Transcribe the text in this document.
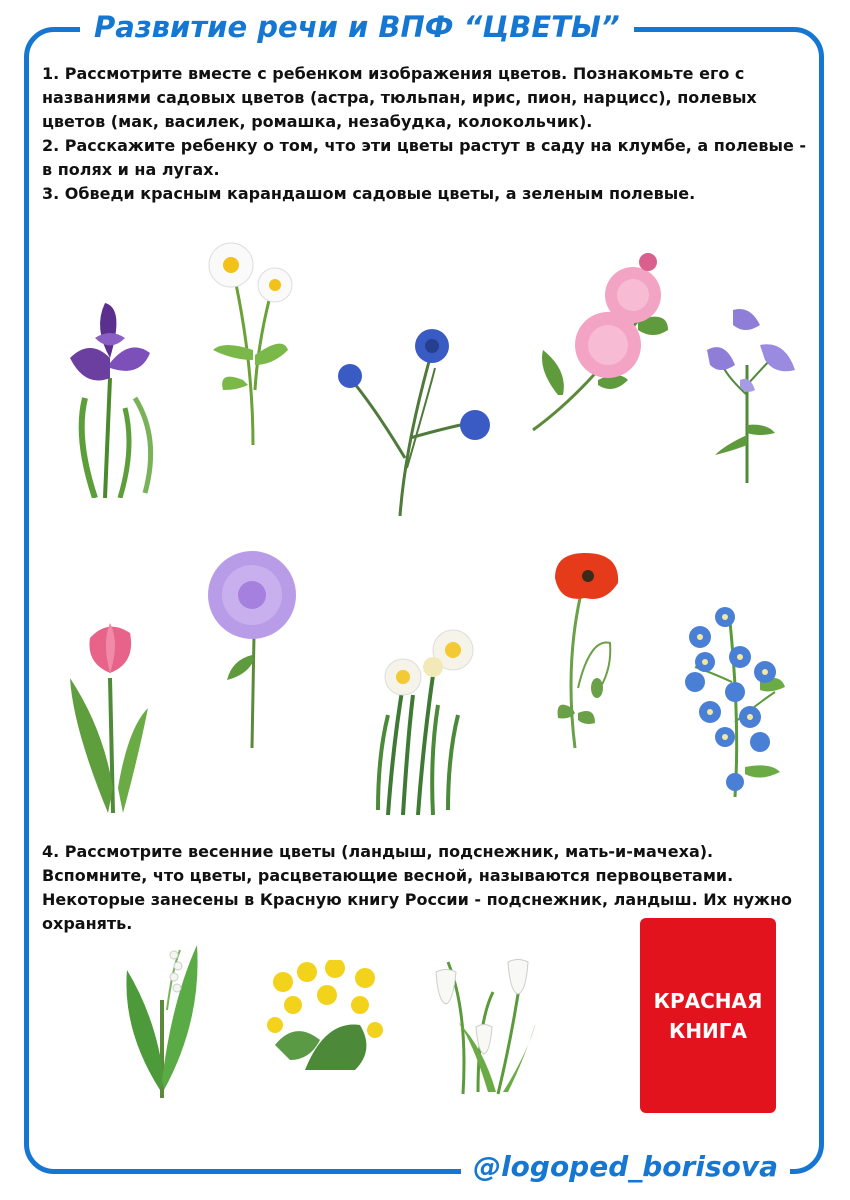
Развитие речи и ВПФ “ЦВЕТЫ”

1. Рассмотрите вместе с ребенком изображения цветов. Познакомьте его с названиями садовых цветов (астра, тюльпан, ирис, пион, нарцисс), полевых цветов (мак, василек, ромашка, незабудка, колокольчик).

2. Расскажите ребенку о том, что эти цветы растут в саду на клумбе, а полевые - в полях и на лугах.

3. Обведи красным карандашом садовые цветы, а зеленым полевые.

4. Рассмотрите весенние цветы (ландыш, подснежник, мать-и-мачеха). Вспомните, что цветы, расцветающие весной, называются первоцветами. Некоторые занесены в Красную книгу России - подснежник, ландыш. Их нужно охранять.

КРАСНАЯ
КНИГА
@logoped_borisova
